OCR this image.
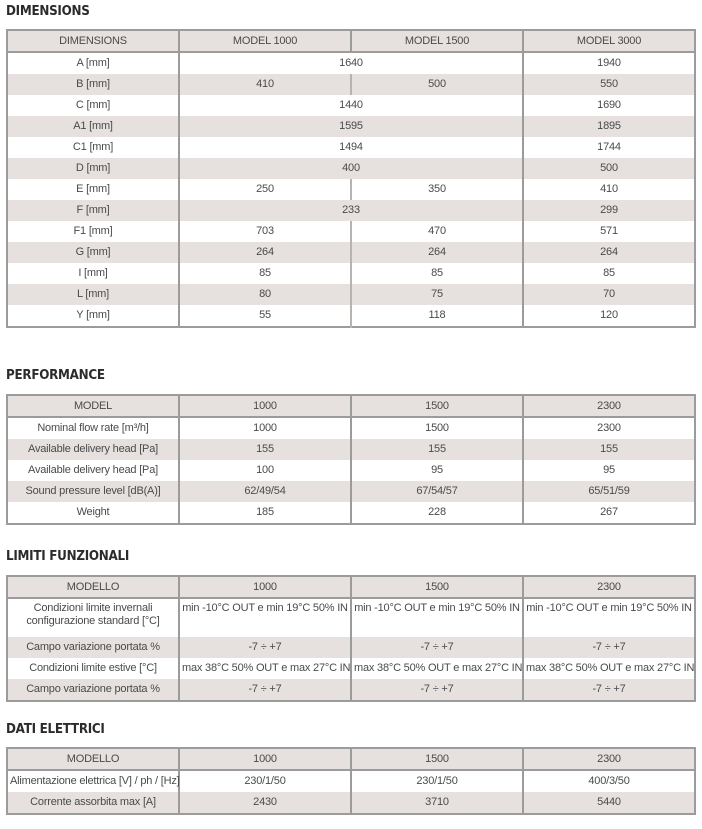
DIMENSIONS
DIMENSIONS	MODEL 1000	MODEL 1500	MODEL 3000
A [mm]	1640		1940
B [mm]	410	500	550
C [mm]	1440		1690
A1 [mm]	1595		1895
C1 [mm]	1494		1744
D [mm]	400		500
E [mm]	250	350	410
F [mm]	233		299
F1 [mm]	703	470	571
G [mm]	264	264	264
I [mm]	85	85	85
L [mm]	80	75	70
Y [mm]	55	118	120
PERFORMANCE
MODEL	1000	1500	2300
Nominal flow rate [m³/h]	1000	1500	2300
Available delivery head [Pa]	155	155	155
Available delivery head [Pa]	100	95	95
Sound pressure level [dB(A)]	62/49/54	67/54/57	65/51/59
Weight	185	228	267
LIMITI FUNZIONALI
MODELLO	1000	1500	2300
Condizioni limite invernali configurazione standard [°C]	min -10°C OUT e min 19°C 50% IN	min -10°C OUT e min 19°C 50% IN	min -10°C OUT e min 19°C 50% IN
Campo variazione portata %	-7 ÷ +7	-7 ÷ +7	-7 ÷ +7
Condizioni limite estive [°C]	max 38°C 50% OUT e max 27°C IN	max 38°C 50% OUT e max 27°C IN	max 38°C 50% OUT e max 27°C IN
Campo variazione portata %	-7 ÷ +7	-7 ÷ +7	-7 ÷ +7
DATI ELETTRICI
MODELLO	1000	1500	2300
Alimentazione elettrica [V] / ph / [Hz]	230/1/50	230/1/50	400/3/50
Corrente assorbita max [A]	2430	3710	5440
